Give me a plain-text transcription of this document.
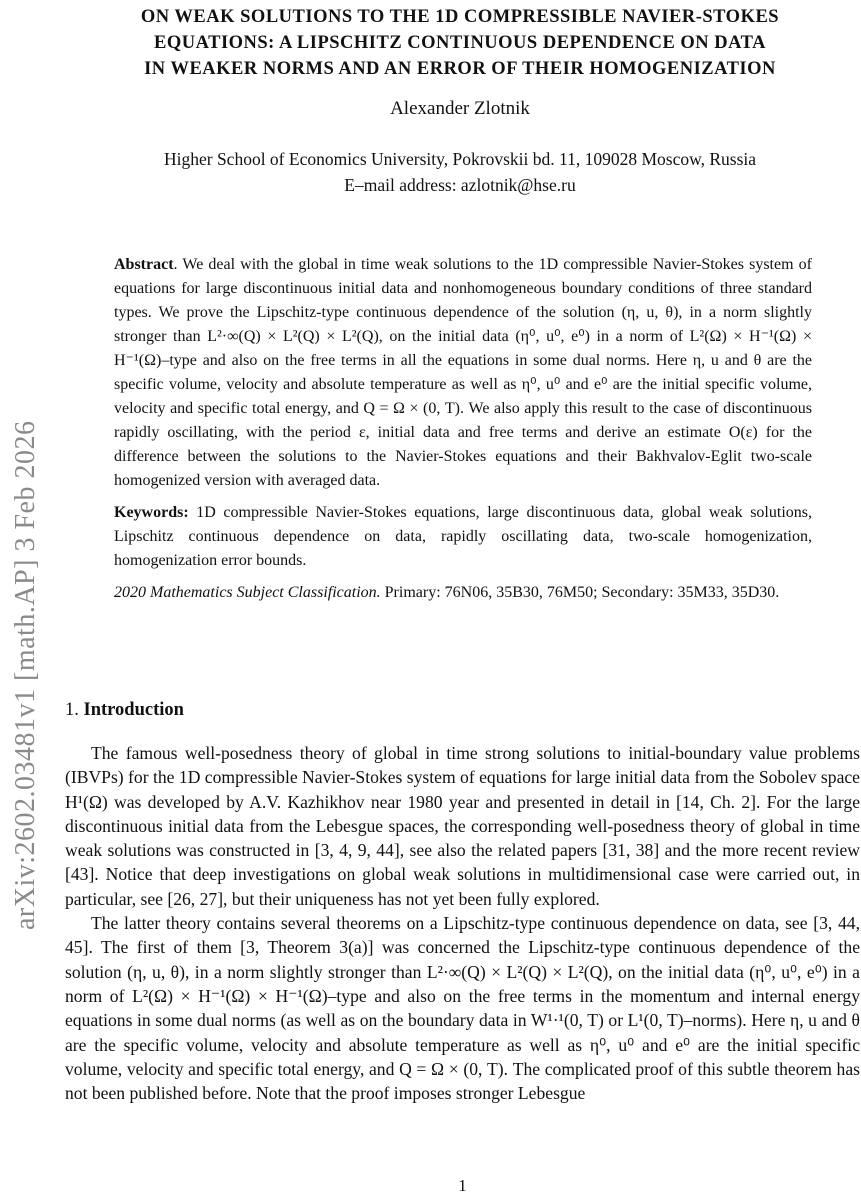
arXiv:2602.03481v1 [math.AP] 3 Feb 2026
ON WEAK SOLUTIONS TO THE 1D COMPRESSIBLE NAVIER-STOKES
EQUATIONS: A LIPSCHITZ CONTINUOUS DEPENDENCE ON DATA
IN WEAKER NORMS AND AN ERROR OF THEIR HOMOGENIZATION
Alexander Zlotnik
Higher School of Economics University, Pokrovskii bd. 11, 109028 Moscow, Russia
E–mail address: azlotnik@hse.ru

Abstract. We deal with the global in time weak solutions to the 1D compressible Navier-Stokes system of equations for large discontinuous initial data and nonhomogeneous boundary conditions of three standard types. We prove the Lipschitz-type continuous dependence of the solution (η, u, θ), in a norm slightly stronger than L²·∞(Q) × L²(Q) × L²(Q), on the initial data (η⁰, u⁰, e⁰) in a norm of L²(Ω) × H⁻¹(Ω) × H⁻¹(Ω)–type and also on the free terms in all the equations in some dual norms. Here η, u and θ are the specific volume, velocity and absolute temperature as well as η⁰, u⁰ and e⁰ are the initial specific volume, velocity and specific total energy, and Q = Ω × (0, T). We also apply this result to the case of discontinuous rapidly oscillating, with the period ε, initial data and free terms and derive an estimate O(ε) for the difference between the solutions to the Navier-Stokes equations and their Bakhvalov-Eglit two-scale homogenized version with averaged data.

Keywords: 1D compressible Navier-Stokes equations, large discontinuous data, global weak solutions, Lipschitz continuous dependence on data, rapidly oscillating data, two-scale homogenization, homogenization error bounds.

2020 Mathematics Subject Classification. Primary: 76N06, 35B30, 76M50; Secondary: 35M33, 35D30.

1. Introduction

The famous well-posedness theory of global in time strong solutions to initial-boundary value problems (IBVPs) for the 1D compressible Navier-Stokes system of equations for large initial data from the Sobolev space H¹(Ω) was developed by A.V. Kazhikhov near 1980 year and presented in detail in [14, Ch. 2]. For the large discontinuous initial data from the Lebesgue spaces, the corresponding well-posedness theory of global in time weak solutions was constructed in [3, 4, 9, 44], see also the related papers [31, 38] and the more recent review [43]. Notice that deep investigations on global weak solutions in multidimensional case were carried out, in particular, see [26, 27], but their uniqueness has not yet been fully explored.

The latter theory contains several theorems on a Lipschitz-type continuous dependence on data, see [3, 44, 45]. The first of them [3, Theorem 3(a)] was concerned the Lipschitz-type continuous dependence of the solution (η, u, θ), in a norm slightly stronger than L²·∞(Q) × L²(Q) × L²(Q), on the initial data (η⁰, u⁰, e⁰) in a norm of L²(Ω) × H⁻¹(Ω) × H⁻¹(Ω)–type and also on the free terms in the momentum and internal energy equations in some dual norms (as well as on the boundary data in W¹·¹(0, T) or L¹(0, T)–norms). Here η, u and θ are the specific volume, velocity and absolute temperature as well as η⁰, u⁰ and e⁰ are the initial specific volume, velocity and specific total energy, and Q = Ω × (0, T). The complicated proof of this subtle theorem has not been published before. Note that the proof imposes stronger Lebesgue

1
